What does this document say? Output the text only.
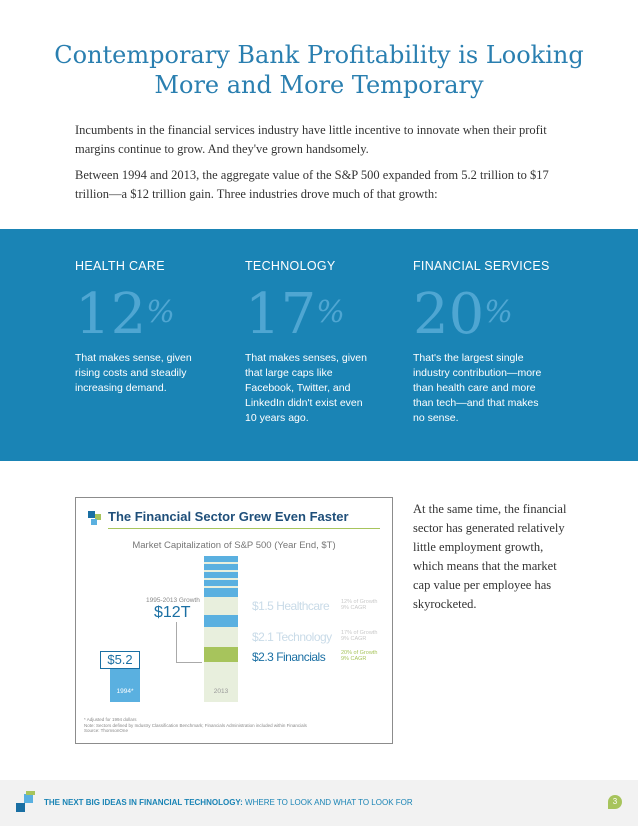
Contemporary Bank Profitability is Looking
More and More Temporary

Incumbents in the financial services industry have little incentive to innovate when their profit margins continue to grow. And they've grown handsomely.

Between 1994 and 2013, the aggregate value of the S&P 500 expanded from 5.2 trillion to $17 trillion—a $12 trillion gain. Three industries drove much of that growth:

HEALTH CARE
12%
That makes sense, given rising costs and steadily increasing demand.
TECHNOLOGY
17%
That makes senses, given that large caps like Facebook, Twitter, and LinkedIn didn't exist even 10 years ago.
FINANCIAL SERVICES
20%
That's the largest single industry contribution—more than health care and more than tech—and that makes no sense.
The Financial Sector Grew Even Faster
Market Capitalization of S&P 500 (Year End, $T)
1995-2013 Growth
$12T
$5.2
1994*	2013
$1.5 Healthcare 12% of Growth 9% CAGR
$2.1 Technology 17% of Growth 9% CAGR
$2.3 Financials	20% of Growth 9% CAGR
* Adjusted for 1994 dollars
Note: Sectors defined by Industry Classification Benchmark; Financials Administration included within Financials
Source: ThomsonOne
At the same time, the financial sector has generated relatively little employment growth, which means that the market cap value per employee has skyrocketed.
THE NEXT BIG IDEAS IN FINANCIAL TECHNOLOGY: WHERE TO LOOK AND WHAT TO LOOK FOR	3
